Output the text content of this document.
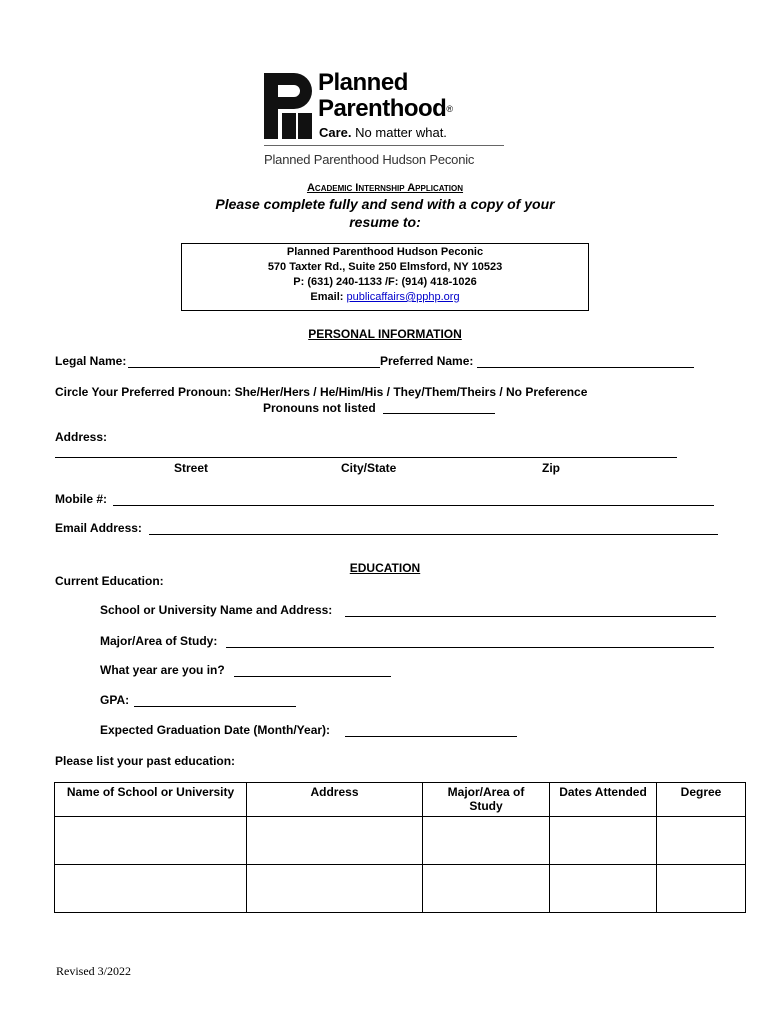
Planned
Parenthood®
Care. No matter what.
Planned Parenthood Hudson Peconic
Academic Internship Application
Please complete fully and send with a copy of your
resume to:
Planned Parenthood Hudson Peconic
570 Taxter Rd., Suite 250 Elmsford, NY 10523
P: (631) 240-1133 /F: (914) 418-1026
Email: publicaffairs@pphp.org
PERSONAL INFORMATION
Legal Name:	Preferred Name:
Circle Your Preferred Pronoun: She/Her/Hers / He/Him/His / They/Them/Theirs / No Preference
Pronouns not listed
Address:
Street	City/State	Zip
Mobile #:
Email Address:
EDUCATION
Current Education:
School or University Name and Address:
Major/Area of Study:
What year are you in?
GPA:
Expected Graduation Date (Month/Year):
Please list your past education:
Name of School or University	Address	Major/Area of Study	Dates Attended	Degree

Revised 3/2022
